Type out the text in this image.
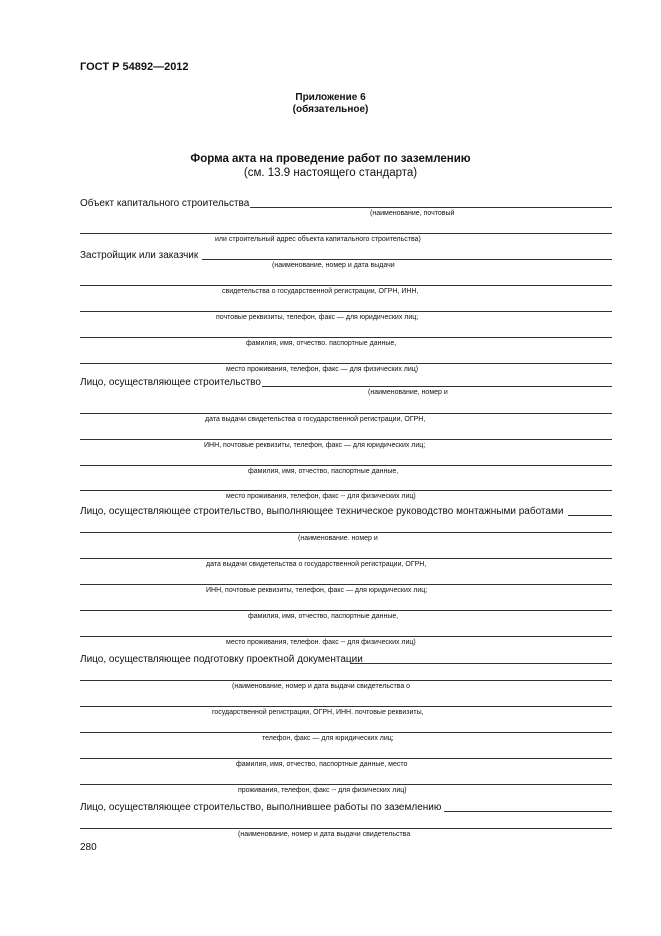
ГОСТ Р 54892—2012
Приложение 6
(обязательное)
Форма акта на проведение работ по заземлению
(см. 13.9 настоящего стандарта)
Объект капитального строительства
(наименование, почтовый
или строительный адрес объекта капитального строительства)
Застройщик или заказчик
(наименование, номер и дата выдачи
свидетельства о государственной регистрации, ОГРН, ИНН,
почтовые реквизиты, телефон, факс — для юридических лиц;
фамилия, имя, отчество. паспортные данные,
место проживания, телефон, факс — для физических лиц)
Лицо, осуществляющее строительство
(наименование, номер и
дата выдачи свидетельства о государственной регистрации, ОГРН,
ИНН, почтовые реквизиты, телефон, факс — для юридических лиц;
фамилия, имя, отчество, паспортные данные,
место проживания, телефон, факс -- для физических лиц)
Лицо, осуществляющее строительство, выполняющее техническое руководство монтажными работами
(наименование. номер и
дата выдачи свидетельства о государственной регистрации, ОГРН,
ИНН, почтовые реквизиты, телефон, факс — для юридических лиц;
фамилия, имя, отчество, паспортные данные,
место проживания, телефон. факс -- для физических лиц)
Лицо, осуществляющее подготовку проектной документации
(наименование, номер и дата выдачи свидетельства о
государственной регистрации, ОГРН, ИНН. почтовые реквизиты,
телефон, факс — для юридических лиц;
фамилия, имя, отчество, паспортные данные, место
проживания, телефон, факс -- для физических лиц)
Лицо, осуществляющее строительство, выполнившее работы по заземлению
(наименование, номер и дата выдачи свидетельства
280
